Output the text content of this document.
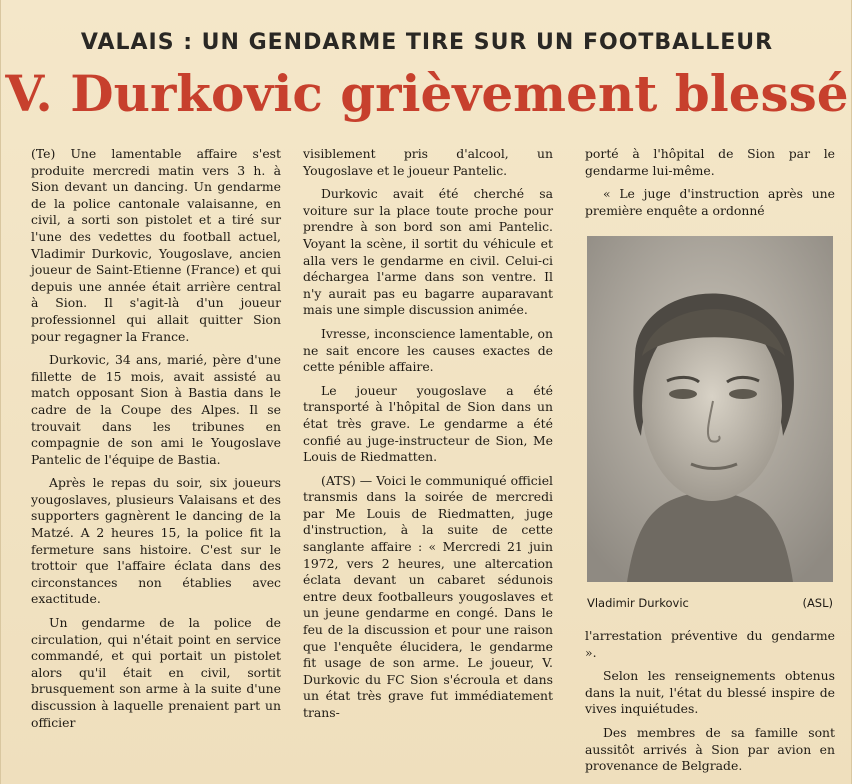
VALAIS : UN GENDARME TIRE SUR UN FOOTBALLEUR
V. Durkovic grièvement blessé

(Te) Une lamentable affaire s'est produite mercredi matin vers 3 h. à Sion devant un dancing. Un gendarme de la police cantonale valaisanne, en civil, a sorti son pistolet et a tiré sur l'une des vedettes du football actuel, Vladimir Durkovic, Yougoslave, ancien joueur de Saint-Etienne (France) et qui depuis une année était arrière central à Sion. Il s'agit-là d'un joueur professionnel qui allait quitter Sion pour regagner la France.

Durkovic, 34 ans, marié, père d'une fillette de 15 mois, avait assisté au match opposant Sion à Bastia dans le cadre de la Coupe des Alpes. Il se trouvait dans les tribunes en compagnie de son ami le Yougoslave Pantelic de l'équipe de Bastia.

Après le repas du soir, six joueurs yougoslaves, plusieurs Valaisans et des supporters gagnèrent le dancing de la Matzé. A 2 heures 15, la police fit la fermeture sans histoire. C'est sur le trottoir que l'affaire éclata dans des circonstances non établies avec exactitude.

Un gendarme de la police de circulation, qui n'était point en service commandé, et qui portait un pistolet alors qu'il était en civil, sortit brusquement son arme à la suite d'une discussion à laquelle prenaient part un officier

visiblement pris d'alcool, un Yougoslave et le joueur Pantelic.

Durkovic avait été cherché sa voiture sur la place toute proche pour prendre à son bord son ami Pantelic. Voyant la scène, il sortit du véhicule et alla vers le gendarme en civil. Celui-ci déchargea l'arme dans son ventre. Il n'y aurait pas eu bagarre auparavant mais une simple discussion animée.

Ivresse, inconscience lamentable, on ne sait encore les causes exactes de cette pénible affaire.

Le joueur yougoslave a été transporté à l'hôpital de Sion dans un état très grave. Le gendarme a été confié au juge-instructeur de Sion, Me Louis de Riedmatten.

(ATS) — Voici le communiqué officiel transmis dans la soirée de mercredi par Me Louis de Riedmatten, juge d'instruction, à la suite de cette sanglante affaire : « Mercredi 21 juin 1972, vers 2 heures, une altercation éclata devant un cabaret sédunois entre deux footballeurs yougoslaves et un jeune gendarme en congé. Dans le feu de la discussion et pour une raison que l'enquête élucidera, le gendarme fit usage de son arme. Le joueur, V. Durkovic du FC Sion s'écroula et dans un état très grave fut immédiatement trans-

porté à l'hôpital de Sion par le gendarme lui-même.

« Le juge d'instruction après une première enquête a ordonné

Vladimir Durkovic	(ASL)

l'arrestation préventive du gendarme ».

Selon les renseignements obtenus dans la nuit, l'état du blessé inspire de vives inquiétudes.

Des membres de sa famille sont aussitôt arrivés à Sion par avion en provenance de Belgrade.
